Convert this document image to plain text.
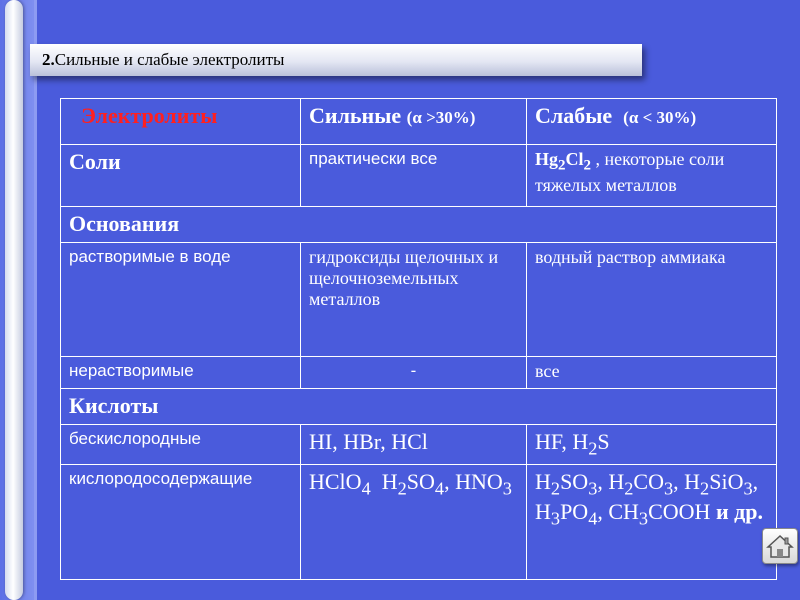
2.Сильные и слабые электролиты
Электролиты	Сильные (α >30%)	Слабые (α < 30%)
Соли	практически все	$Hg_2Cl_2$ , некоторые соли тяжелых металлов
Основания		
растворимые в воде	гидроксиды щелочных и щелочноземельных металлов	водный раствор аммиака
нерастворимые	-	все
Кислоты		
бескислородные	HI, HBr, HCl	HF, $H_2S$
кислородосодержащие	HClO$_4$  $H_2SO_4$, $HNO_3$	$H_2SO_3$, $H_2CO_3$, $H_2SiO_3$, $H_3PO_4$, $CH_3COOH$ и др.
